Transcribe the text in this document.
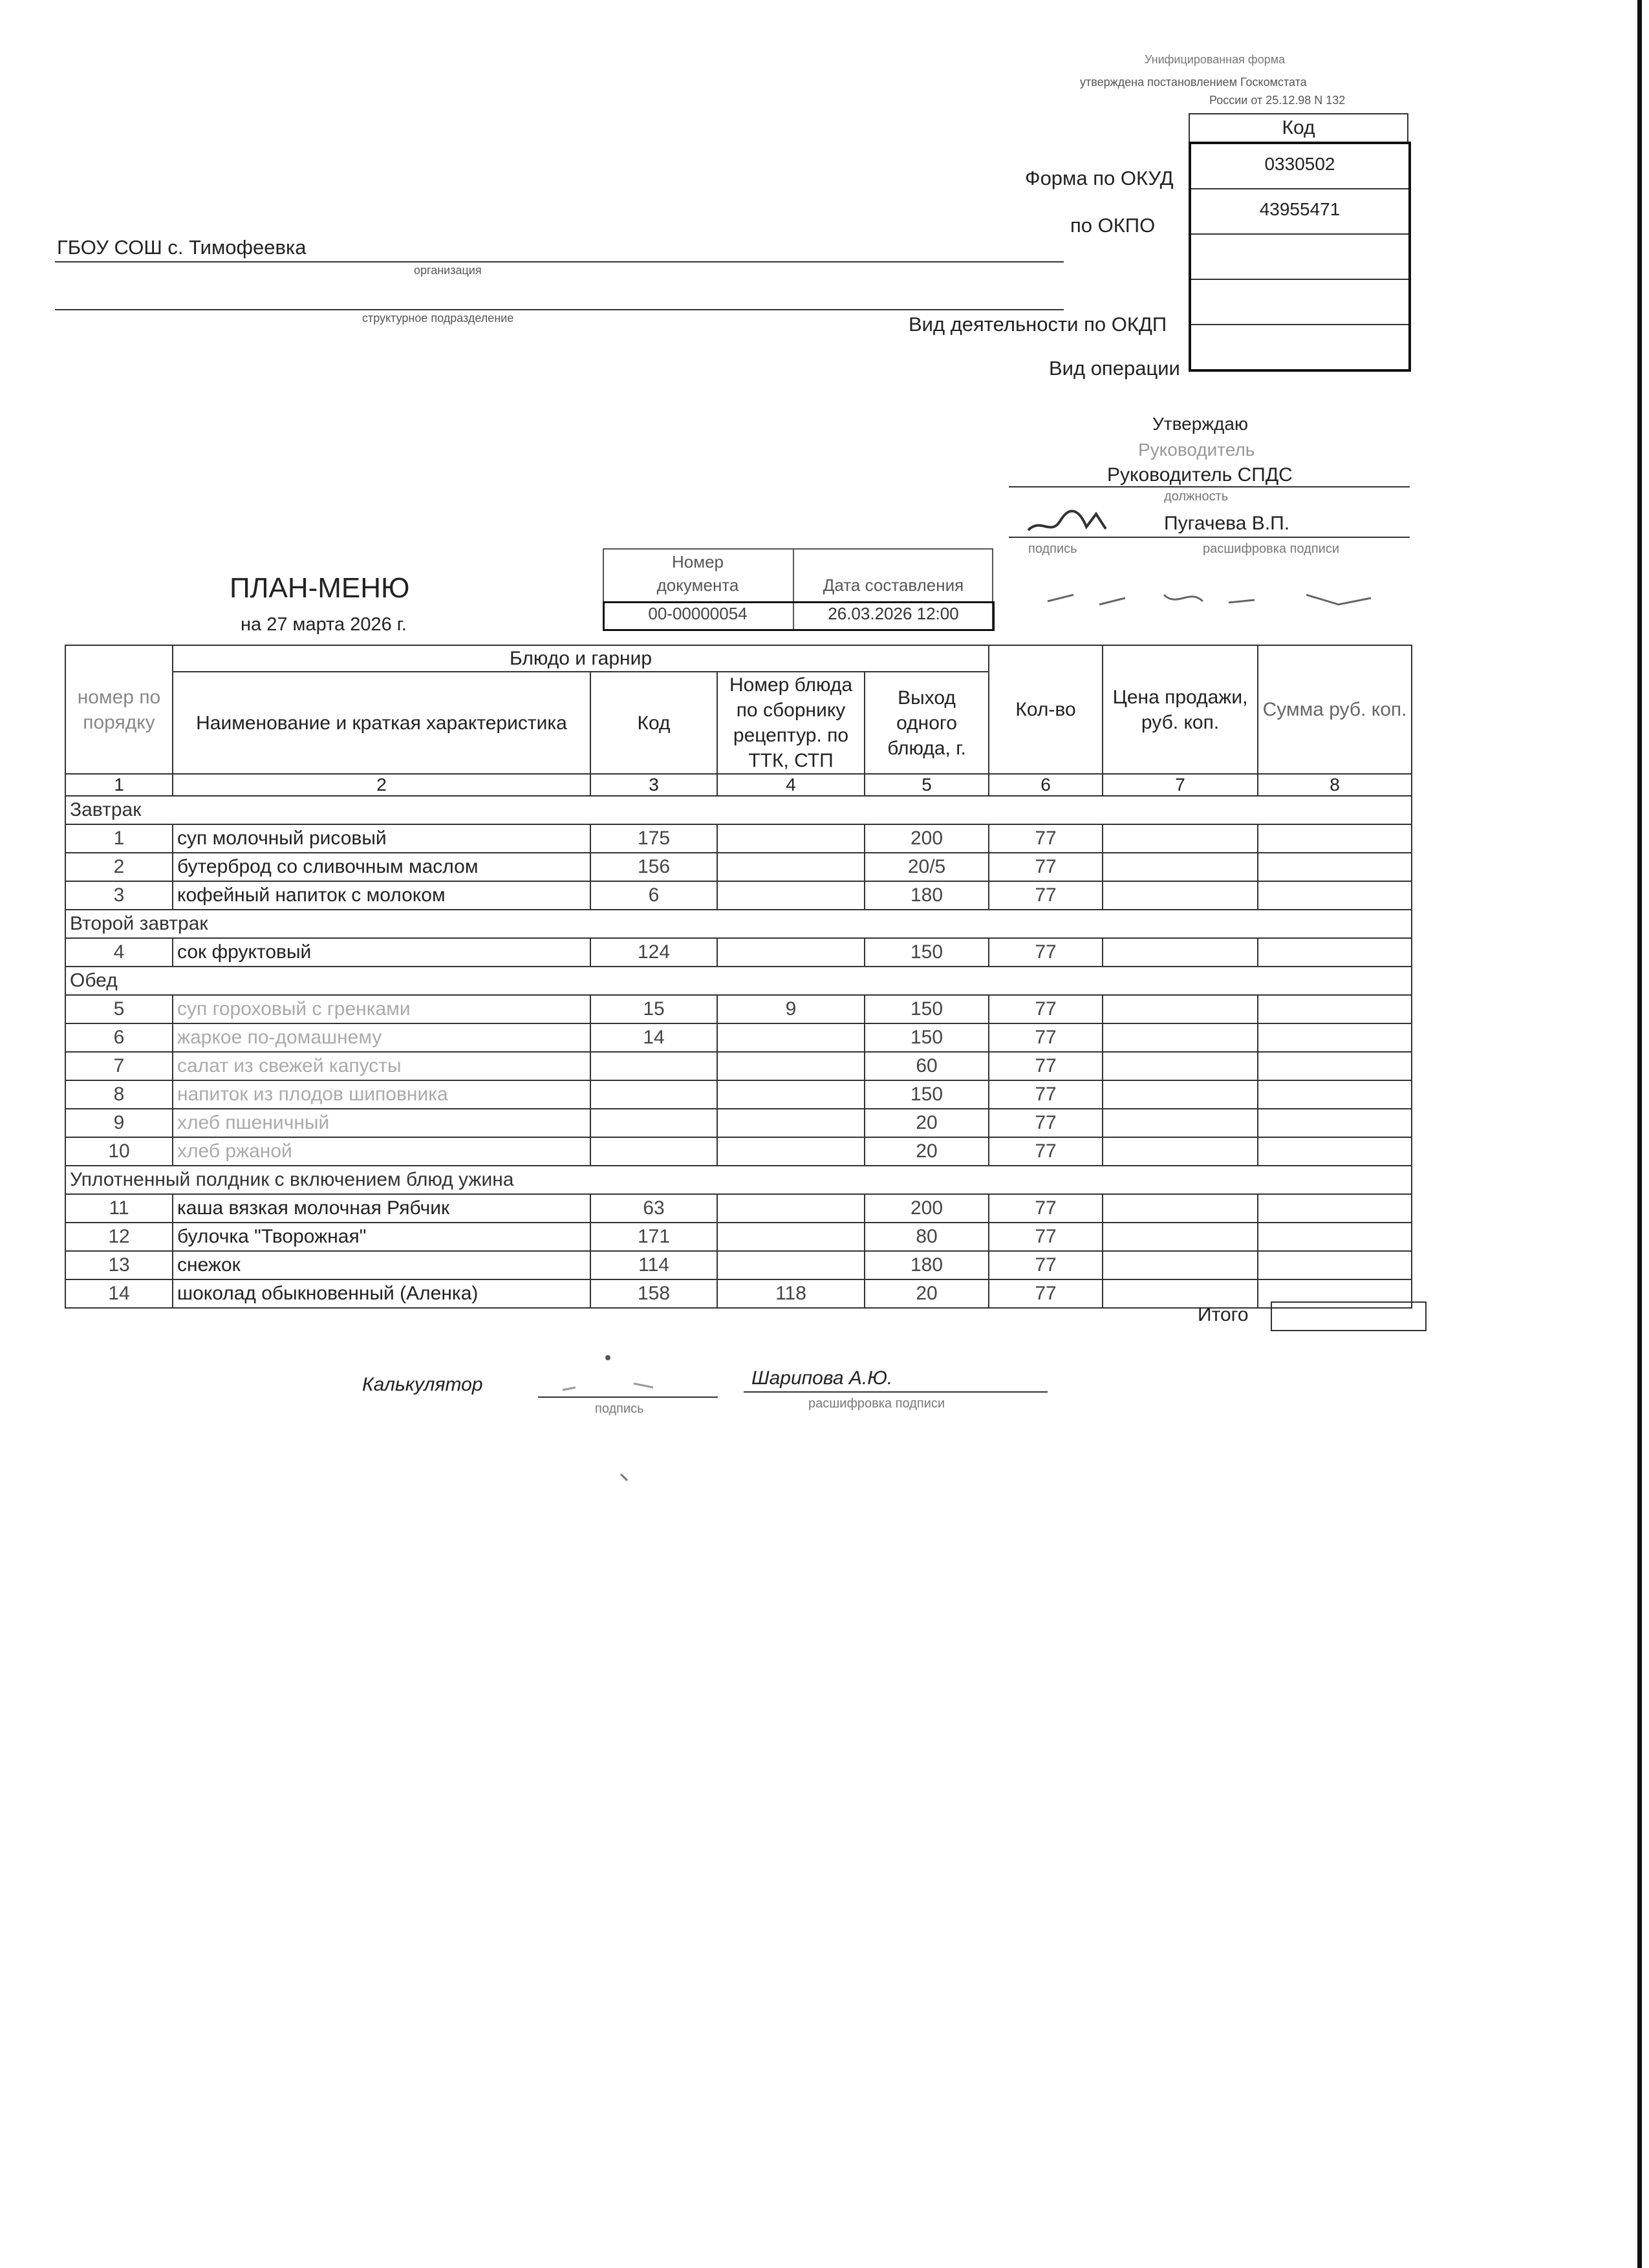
Унифицированная форма
утверждена постановлением Госкомстата
России от 25.12.98 N 132
Код
0330502
43955471
Форма по ОКУД
по ОКПО
Вид деятельности по ОКДП
Вид операции
ГБОУ СОШ с. Тимофеевка
организация
структурное подразделение
Утверждаю
Руководитель
Руководитель СПДС
должность
Пугачева В.П.
подпись	расшифровка подписи
ПЛАН-МЕНЮ
на 27 марта 2026 г.
Номер
документа	Дата составления
00-00000054	26.03.2026 12:00
номер по порядку	Блюдо и гарнир				Кол-во	Цена продажи, руб. коп.	Сумма руб. коп.
	Наименование и краткая характеристика	Код	Номер блюда по сборнику рецептур. по ТТК, СТП	Выход одного блюда, г.			
1	2	3	4	5	6	7	8
Завтрак							
1	суп молочный рисовый	175		200	77		
2	бутерброд со сливочным маслом	156		20/5	77		
3	кофейный напиток с молоком	6		180	77		
Второй завтрак							
4	сок фруктовый	124		150	77		
Обед							
5	суп гороховый с гренками	15	9	150	77		
6	жаркое по-домашнему	14		150	77		
7	салат из свежей капусты			60	77		
8	напиток из плодов шиповника			150	77		
9	хлеб пшеничный			20	77		
10	хлеб ржаной			20	77		
Уплотненный полдник с включением блюд ужина							
11	каша вязкая молочная Рябчик	63		200	77		
12	булочка "Творожная"	171		80	77		
13	снежок	114		180	77		
14	шоколад обыкновенный (Аленка)	158	118	20	77		
Итого
Калькулятор
подпись
Шарипова А.Ю.
расшифровка подписи
